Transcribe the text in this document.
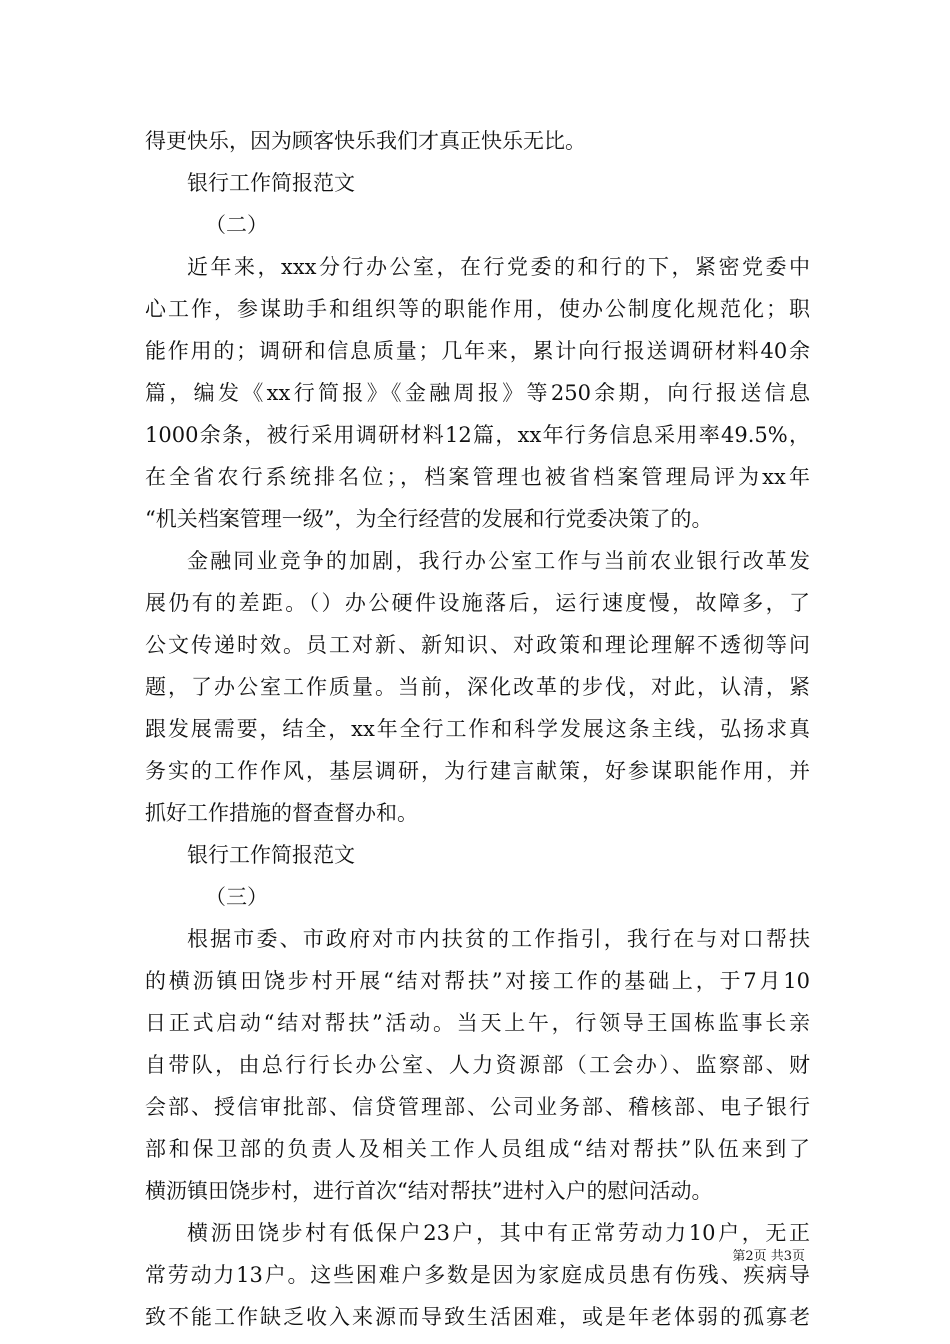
得更快乐，因为顾客快乐我们才真正快乐无比。
银行工作简报范文
（二）
近年来，xxx分行办公室，在行党委的和行的下，紧密党委中
心工作，参谋助手和组织等的职能作用，使办公制度化规范化；职
能作用的；调研和信息质量；几年来，累计向行报送调研材料40余
篇，编发《xx行简报》《金融周报》等250余期，向行报送信息
1000余条，被行采用调研材料12篇，xx年行务信息采用率49.5%，
在全省农行系统排名位；，档案管理也被省档案管理局评为xx年
“机关档案管理一级”，为全行经营的发展和行党委决策了的。
金融同业竞争的加剧，我行办公室工作与当前农业银行改革发
展仍有的差距。（）办公硬件设施落后，运行速度慢，故障多，了
公文传递时效。员工对新、新知识、对政策和理论理解不透彻等问
题，了办公室工作质量。当前，深化改革的步伐，对此，认清，紧
跟发展需要，结全，xx年全行工作和科学发展这条主线，弘扬求真
务实的工作作风，基层调研，为行建言献策，好参谋职能作用，并
抓好工作措施的督查督办和。
银行工作简报范文
（三）
根据市委、市政府对市内扶贫的工作指引，我行在与对口帮扶
的横沥镇田饶步村开展“结对帮扶”对接工作的基础上，于7月10
日正式启动“结对帮扶”活动。当天上午，行领导王国栋监事长亲
自带队，由总行行长办公室、人力资源部（工会办）、监察部、财
会部、授信审批部、信贷管理部、公司业务部、稽核部、电子银行
部和保卫部的负责人及相关工作人员组成“结对帮扶”队伍来到了
横沥镇田饶步村，进行首次“结对帮扶”进村入户的慰问活动。
横沥田饶步村有低保户23户，其中有正常劳动力10户，无正
常劳动力13户。这些困难户多数是因为家庭成员患有伤残、疾病导
致不能工作缺乏收入来源而导致生活困难，或是年老体弱的孤寡老
第2页 共3页
